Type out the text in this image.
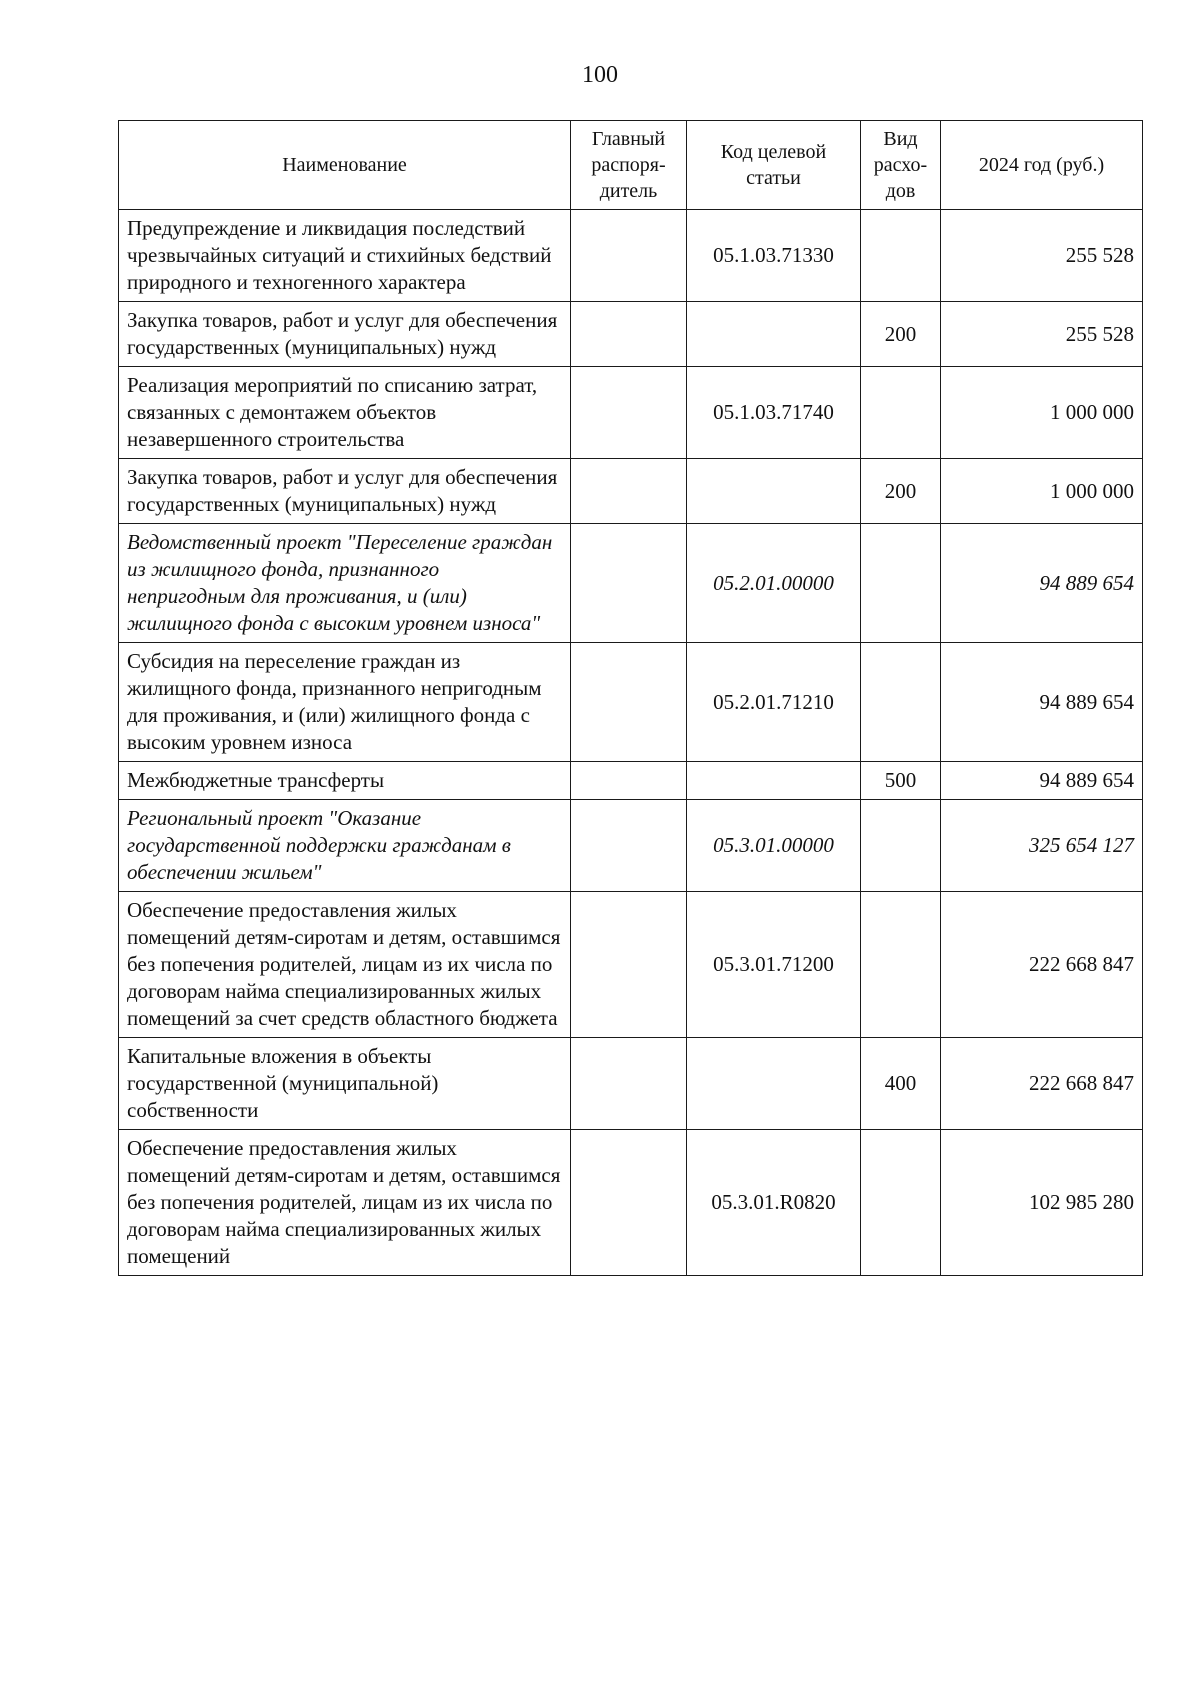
100
Наименование	Главный распоря-дитель	Код целевой статьи	Вид расхо-дов	2024 год (руб.)
Предупреждение и ликвидация последствий чрезвычайных ситуаций и стихийных бедствий природного и техногенного характера		05.1.03.71330		255 528
Закупка товаров, работ и услуг для обеспечения государственных (муниципальных) нужд			200	255 528
Реализация мероприятий по списанию затрат, связанных с демонтажем объектов незавершенного строительства		05.1.03.71740		1 000 000
Закупка товаров, работ и услуг для обеспечения государственных (муниципальных) нужд			200	1 000 000
Ведомственный проект "Переселение граждан из жилищного фонда, признанного непригодным для проживания, и (или) жилищного фонда с высоким уровнем износа"		05.2.01.00000		94 889 654
Субсидия на переселение граждан из жилищного фонда, признанного непригодным для проживания, и (или) жилищного фонда с высоким уровнем износа		05.2.01.71210		94 889 654
Межбюджетные трансферты			500	94 889 654
Региональный проект "Оказание государственной поддержки гражданам в обеспечении жильем"		05.3.01.00000		325 654 127
Обеспечение предоставления жилых помещений детям-сиротам и детям, оставшимся без попечения родителей, лицам из их числа по договорам найма специализированных жилых помещений за счет средств областного бюджета		05.3.01.71200		222 668 847
Капитальные вложения в объекты государственной (муниципальной) собственности			400	222 668 847
Обеспечение предоставления жилых помещений детям-сиротам и детям, оставшимся без попечения родителей, лицам из их числа по договорам найма специализированных жилых помещений		05.3.01.R0820		102 985 280
